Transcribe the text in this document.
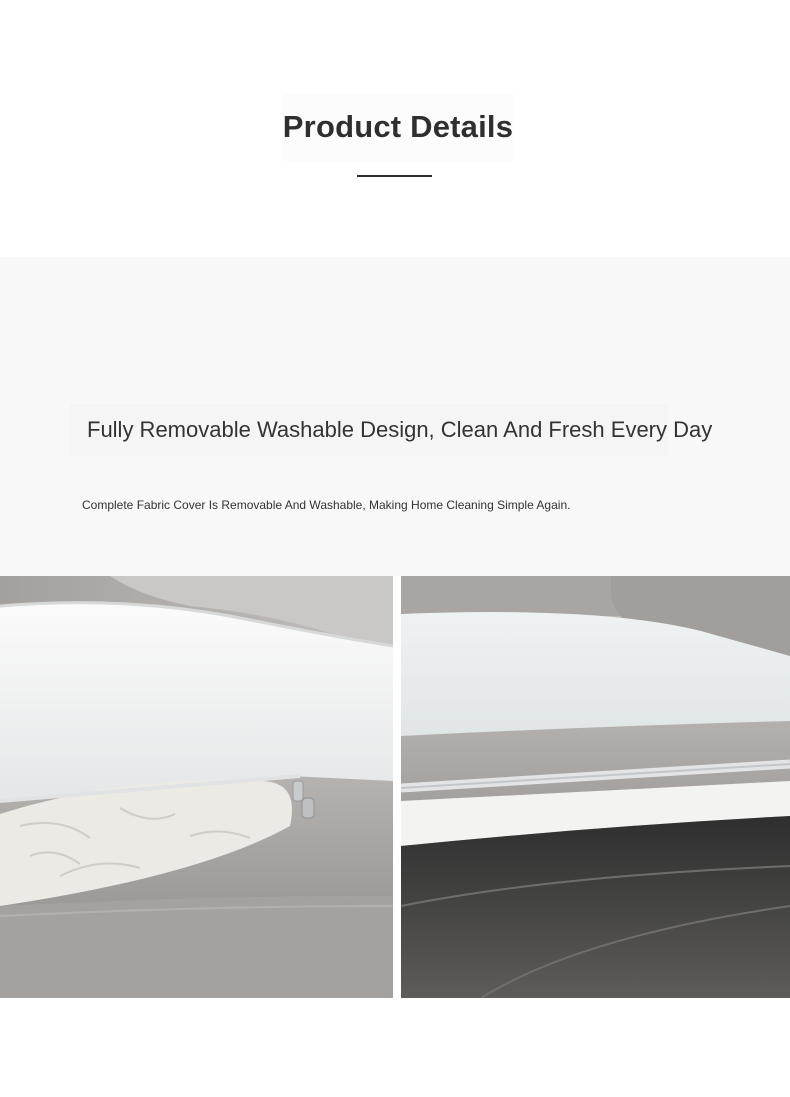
Product Details
Fully Removable Washable Design, Clean And Fresh Every Day

Complete Fabric Cover Is Removable And Washable, Making Home Cleaning Simple Again.
